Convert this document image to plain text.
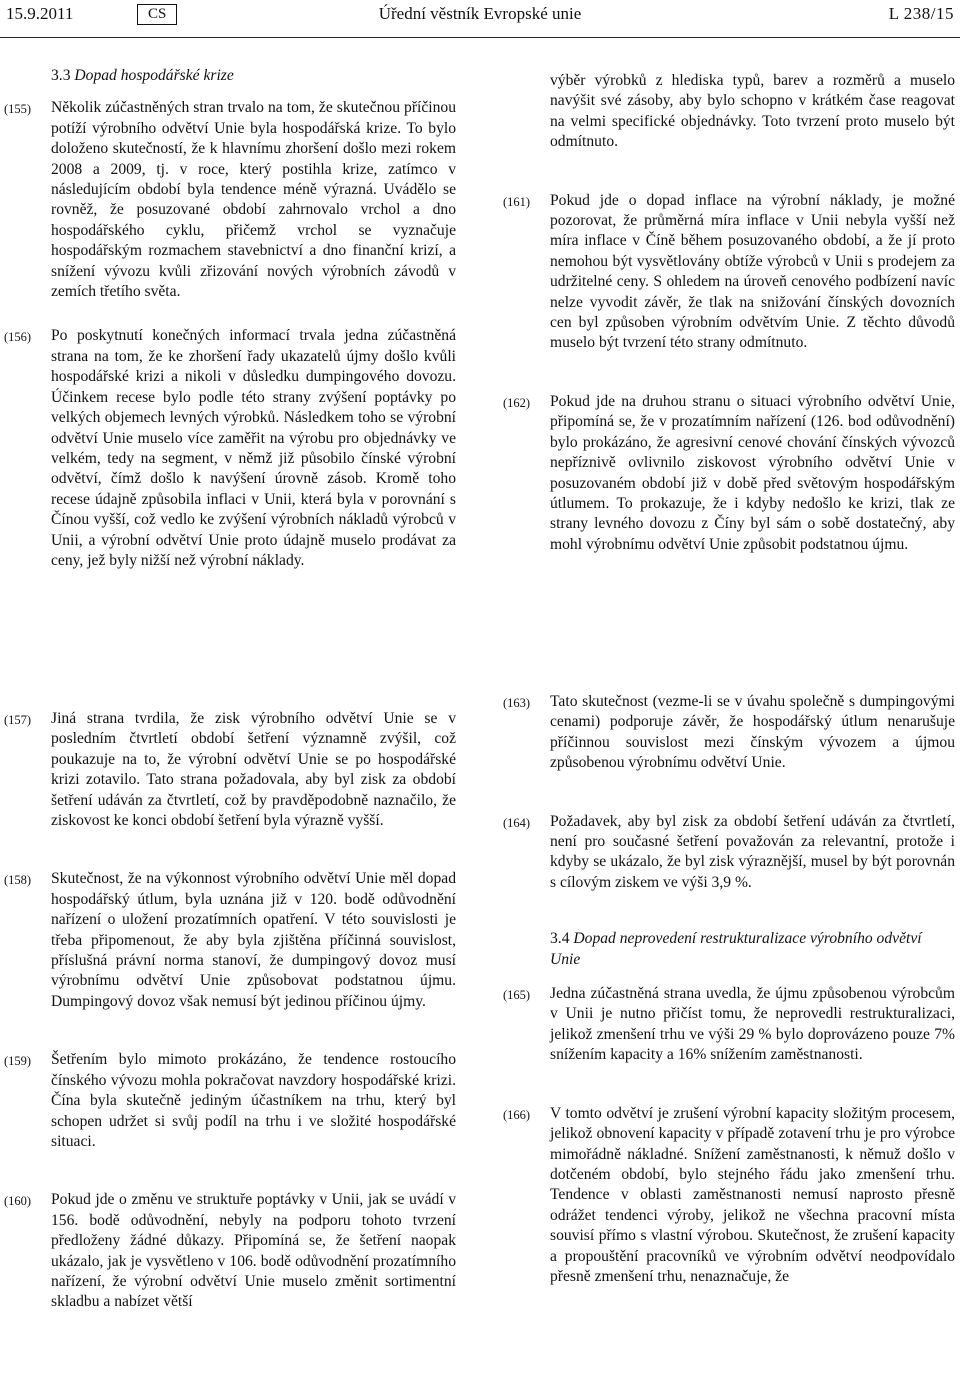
15.9.2011	CS	Úřední věstník Evropské unie	L 238/15

3.3 Dopad hospodářské krize

(155) Několik zúčastněných stran trvalo na tom, že skutečnou příčinou potíží výrobního odvětví Unie byla hospodářská krize. To bylo doloženo skutečností, že k hlavnímu zhoršení došlo mezi rokem 2008 a 2009, tj. v roce, který postihla krize, zatímco v následujícím období byla tendence méně výrazná. Uvádělo se rovněž, že posuzované období zahrnovalo vrchol a dno hospodářského cyklu, přičemž vrchol se vyznačuje hospodářským rozmachem stavebnictví a dno finanční krizí, a snížení vývozu kvůli zřizování nových výrobních závodů v zemích třetího světa.
(156) Po poskytnutí konečných informací trvala jedna zúčastněná strana na tom, že ke zhoršení řady ukazatelů újmy došlo kvůli hospodářské krizi a nikoli v důsledku dumpingového dovozu. Účinkem recese bylo podle této strany zvýšení poptávky po velkých objemech levných výrobků. Následkem toho se výrobní odvětví Unie muselo více zaměřit na výrobu pro objednávky ve velkém, tedy na segment, v němž již působilo čínské výrobní odvětví, čímž došlo k navýšení úrovně zásob. Kromě toho recese údajně způsobila inflaci v Unii, která byla v porovnání s Čínou vyšší, což vedlo ke zvýšení výrobních nákladů výrobců v Unii, a výrobní odvětví Unie proto údajně muselo prodávat za ceny, jež byly nižší než výrobní náklady.
výběr výrobků z hlediska typů, barev a rozměrů a muselo navýšit své zásoby, aby bylo schopno v krátkém čase reagovat na velmi specifické objednávky. Toto tvrzení proto muselo být odmítnuto.
(161) Pokud jde o dopad inflace na výrobní náklady, je možné pozorovat, že průměrná míra inflace v Unii nebyla vyšší než míra inflace v Číně během posuzovaného období, a že jí proto nemohou být vysvětlovány obtíže výrobců v Unii s prodejem za udržitelné ceny. S ohledem na úroveň cenového podbízení navíc nelze vyvodit závěr, že tlak na snižování čínských dovozních cen byl způsoben výrobním odvětvím Unie. Z těchto důvodů muselo být tvrzení této strany odmítnuto.
(162) Pokud jde na druhou stranu o situaci výrobního odvětví Unie, připomíná se, že v prozatímním nařízení (126. bod odůvodnění) bylo prokázáno, že agresivní cenové chování čínských vývozců nepříznivě ovlivnilo ziskovost výrobního odvětví Unie v posuzovaném období již v době před světovým hospodářským útlumem. To prokazuje, že i kdyby nedošlo ke krizi, tlak ze strany levného dovozu z Číny byl sám o sobě dostatečný, aby mohl výrobnímu odvětví Unie způsobit podstatnou újmu.
(157) Jiná strana tvrdila, že zisk výrobního odvětví Unie se v posledním čtvrtletí období šetření významně zvýšil, což poukazuje na to, že výrobní odvětví Unie se po hospodářské krizi zotavilo. Tato strana požadovala, aby byl zisk za období šetření udáván za čtvrtletí, což by pravděpodobně naznačilo, že ziskovost ke konci období šetření byla výrazně vyšší.
(158) Skutečnost, že na výkonnost výrobního odvětví Unie měl dopad hospodářský útlum, byla uznána již v 120. bodě odůvodnění nařízení o uložení prozatímních opatření. V této souvislosti je třeba připomenout, že aby byla zjištěna příčinná souvislost, příslušná právní norma stanoví, že dumpingový dovoz musí výrobnímu odvětví Unie způsobovat podstatnou újmu. Dumpingový dovoz však nemusí být jedinou příčinou újmy.
(159) Šetřením bylo mimoto prokázáno, že tendence rostoucího čínského vývozu mohla pokračovat navzdory hospodářské krizi. Čína byla skutečně jediným účastníkem na trhu, který byl schopen udržet si svůj podíl na trhu i ve složité hospodářské situaci.
(160) Pokud jde o změnu ve struktuře poptávky v Unii, jak se uvádí v 156. bodě odůvodnění, nebyly na podporu tohoto tvrzení předloženy žádné důkazy. Připomíná se, že šetření naopak ukázalo, jak je vysvětleno v 106. bodě odůvodnění prozatímního nařízení, že výrobní odvětví Unie muselo změnit sortimentní skladbu a nabízet větší
(163) Tato skutečnost (vezme-li se v úvahu společně s dumpingovými cenami) podporuje závěr, že hospodářský útlum nenarušuje příčinnou souvislost mezi čínským vývozem a újmou způsobenou výrobnímu odvětví Unie.
(164) Požadavek, aby byl zisk za období šetření udáván za čtvrtletí, není pro současné šetření považován za relevantní, protože i kdyby se ukázalo, že byl zisk výraznější, musel by být porovnán s cílovým ziskem ve výši 3,9 %.

3.4 Dopad neprovedení restrukturalizace výrobního odvětví Unie

(165) Jedna zúčastněná strana uvedla, že újmu způsobenou výrobcům v Unii je nutno přičíst tomu, že neprovedli restrukturalizaci, jelikož zmenšení trhu ve výši 29 % bylo doprovázeno pouze 7% snížením kapacity a 16% snížením zaměstnanosti.
(166) V tomto odvětví je zrušení výrobní kapacity složitým procesem, jelikož obnovení kapacity v případě zotavení trhu je pro výrobce mimořádně nákladné. Snížení zaměstnanosti, k němuž došlo v dotčeném období, bylo stejného řádu jako zmenšení trhu. Tendence v oblasti zaměstnanosti nemusí naprosto přesně odrážet tendenci výroby, jelikož ne všechna pracovní místa souvisí přímo s vlastní výrobou. Skutečnost, že zrušení kapacity a propouštění pracovníků ve výrobním odvětví neodpovídalo přesně zmenšení trhu, nenaznačuje, že
